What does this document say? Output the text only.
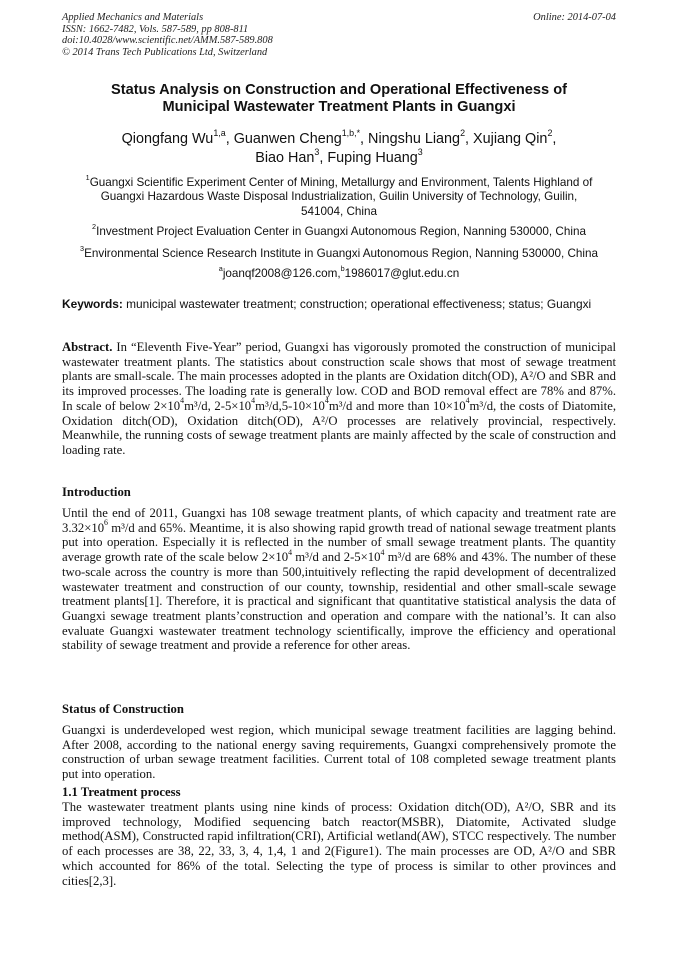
Applied Mechanics and Materials
ISSN: 1662-7482, Vols. 587-589, pp 808-811
doi:10.4028/www.scientific.net/AMM.587-589.808
© 2014 Trans Tech Publications Ltd, Switzerland
Online: 2014-07-04
Status Analysis on Construction and Operational Effectiveness of
Municipal Wastewater Treatment Plants in Guangxi
Qiongfang Wu$^{1,a}$, Guanwen Cheng$^{1,b,*}$, Ningshu Liang$^2$, Xujiang Qin$^2$,
Biao Han$^3$, Fuping Huang$^3$
$^1$Guangxi Scientific Experiment Center of Mining, Metallurgy and Environment, Talents Highland of
Guangxi Hazardous Waste Disposal Industrialization, Guilin University of Technology, Guilin,
541004, China
$^2$Investment Project Evaluation Center in Guangxi Autonomous Region, Nanning 530000, China
$^3$Environmental Science Research Institute in Guangxi Autonomous Region, Nanning 530000, China
$^a$joanqf2008@126.com,$^b$1986017@glut.edu.cn
Keywords: municipal wastewater treatment; construction; operational effectiveness; status; Guangxi
Abstract. In “Eleventh Five-Year” period, Guangxi has vigorously promoted the construction of municipal wastewater treatment plants. The statistics about construction scale shows that most of sewage treatment plants are small-scale. The main processes adopted in the plants are Oxidation ditch(OD), A²/O and SBR and its improved processes. The loading rate is generally low. COD and BOD removal effect are 78% and 87%. In scale of below $2\times 10^4m^3/d$, $2-5\times 10^4m^3/d,5-10\times 10^4m^3/d$ and more than $10\times 10^4m^3/d$, the costs of Diatomite, Oxidation ditch(OD), Oxidation ditch(OD), A²/O processes are relatively provincial, respectively. Meanwhile, the running costs of sewage treatment plants are mainly affected by the scale of construction and loading rate.
Introduction
Until the end of 2011, Guangxi has 108 sewage treatment plants, of which capacity and treatment rate are $3.32\times 10^6$ m³/d and 65%. Meantime, it is also showing rapid growth tread of national sewage treatment plants put into operation. Especially it is reflected in the number of small sewage treatment plants. The quantity average growth rate of the scale below $2\times 10^4$ m³/d and $2-5\times 10^4$ m³/d are 68% and 43%. The number of these two-scale across the country is more than 500,intuitively reflecting the rapid development of decentralized wastewater treatment and construction of our county, township, residential and other small-scale sewage treatment plants[1]. Therefore, it is practical and significant that quantitative statistical analysis the data of Guangxi sewage treatment plants’construction and operation and compare with the national’s. It can also evaluate Guangxi wastewater treatment technology scientifically, improve the efficiency and operational stability of sewage treatment and provide a reference for other areas.
Status of Construction
Guangxi is underdeveloped west region, which municipal sewage treatment facilities are lagging behind. After 2008, according to the national energy saving requirements, Guangxi comprehensively promote the construction of urban sewage treatment facilities. Current total of 108 completed sewage treatment plants put into operation.
1.1 Treatment process
The wastewater treatment plants using nine kinds of process: Oxidation ditch(OD), A²/O, SBR and its improved technology, Modified sequencing batch reactor(MSBR), Diatomite, Activated sludge method(ASM), Constructed rapid infiltration(CRI), Artificial wetland(AW), STCC respectively. The number of each processes are 38, 22, 33, 3, 4, 1,4, 1 and 2(Figure1). The main processes are OD, A²/O and SBR which accounted for 86% of the total. Selecting the type of process is similar to other provinces and cities[2,3].
